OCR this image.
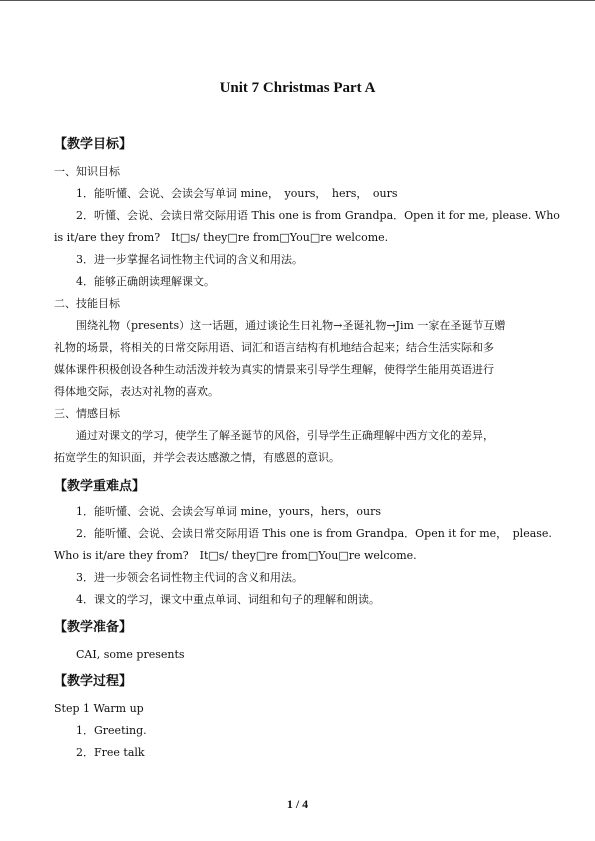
Unit 7 Christmas Part A
【教学目标】
一、知识目标
1．能听懂、会说、会读会写单词 mine，　yours，　hers，　ours
2．听懂、会说、会读日常交际用语 This one is from Grandpa．Open it for me, please. Who
is it/are they from?　It□s/ they□re from□You□re welcome.
3．进一步掌握名词性物主代词的含义和用法。
4．能够正确朗读理解课文。
二、技能目标
围绕礼物（presents）这一话题，通过谈论生日礼物→圣诞礼物→Jim 一家在圣诞节互赠
礼物的场景，将相关的日常交际用语、词汇和语言结构有机地结合起来；结合生活实际和多
媒体课件积极创设各种生动活泼并较为真实的情景来引导学生理解，使得学生能用英语进行
得体地交际，表达对礼物的喜欢。
三、情感目标
通过对课文的学习，使学生了解圣诞节的风俗，引导学生正确理解中西方文化的差异，
拓宽学生的知识面，并学会表达感激之情，有感恩的意识。
【教学重难点】
1．能听懂、会说、会读会写单词 mine，yours，hers，ours
2．能听懂、会说、会读日常交际用语 This one is from Grandpa．Open it for me，　please.
Who is it/are they from?　It□s/ they□re from□You□re welcome.
3．进一步领会名词性物主代词的含义和用法。
4．课文的学习，课文中重点单词、词组和句子的理解和朗读。
【教学准备】
CAI, some presents
【教学过程】
Step 1 Warm up
1．Greeting.
2．Free talk
1 / 4
